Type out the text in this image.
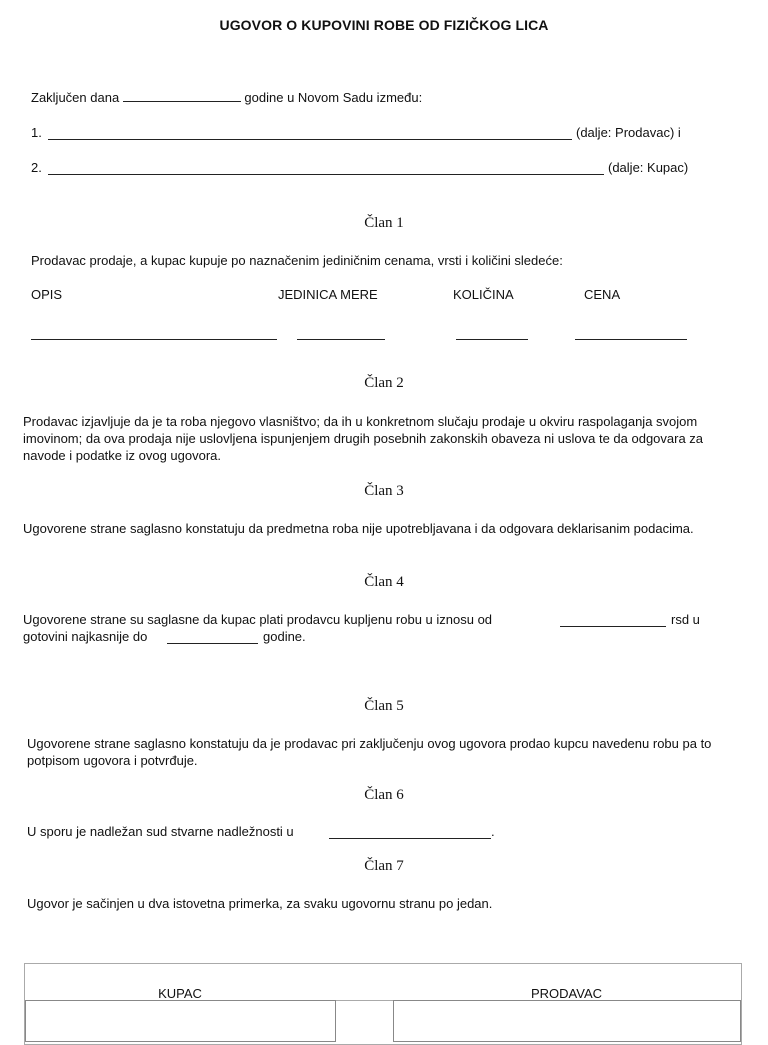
UGOVOR O KUPOVINI ROBE OD FIZIČKOG LICA
Zaključen dana	godine u Novom Sadu između:
1.	(dalje: Prodavac) i
2.	(dalje: Kupac)
Član 1
Prodavac prodaje, a kupac kupuje po naznačenim jediničnim cenama, vrsti i količini sledeće:
OPIS	JEDINICA MERE	KOLIČINA	CENA
Član 2
Prodavac izjavljuje da je ta roba njegovo vlasništvo; da ih u konkretnom slučaju prodaje u okviru raspolaganja svojom imovinom; da ova prodaja nije uslovljena ispunjenjem drugih posebnih zakonskih obaveza ni uslova te da odgovara za navode i podatke iz ovog ugovora.
Član 3
Ugovorene strane saglasno konstatuju da predmetna roba nije upotrebljavana i da odgovara deklarisanim podacima.
Član 4
Ugovorene strane su saglasne da kupac plati prodavcu kupljenu robu u iznosu od	rsd u
gotovini najkasnije do	godine.
Član 5
Ugovorene strane saglasno konstatuju da je prodavac pri zaključenju ovog ugovora prodao kupcu navedenu robu pa to potpisom ugovora i potvrđuje.
Član 6
U sporu je nadležan sud stvarne nadležnosti u	.
Član 7
Ugovor je sačinjen u dva istovetna primerka, za svaku ugovornu stranu po jedan.
KUPAC	PRODAVAC
